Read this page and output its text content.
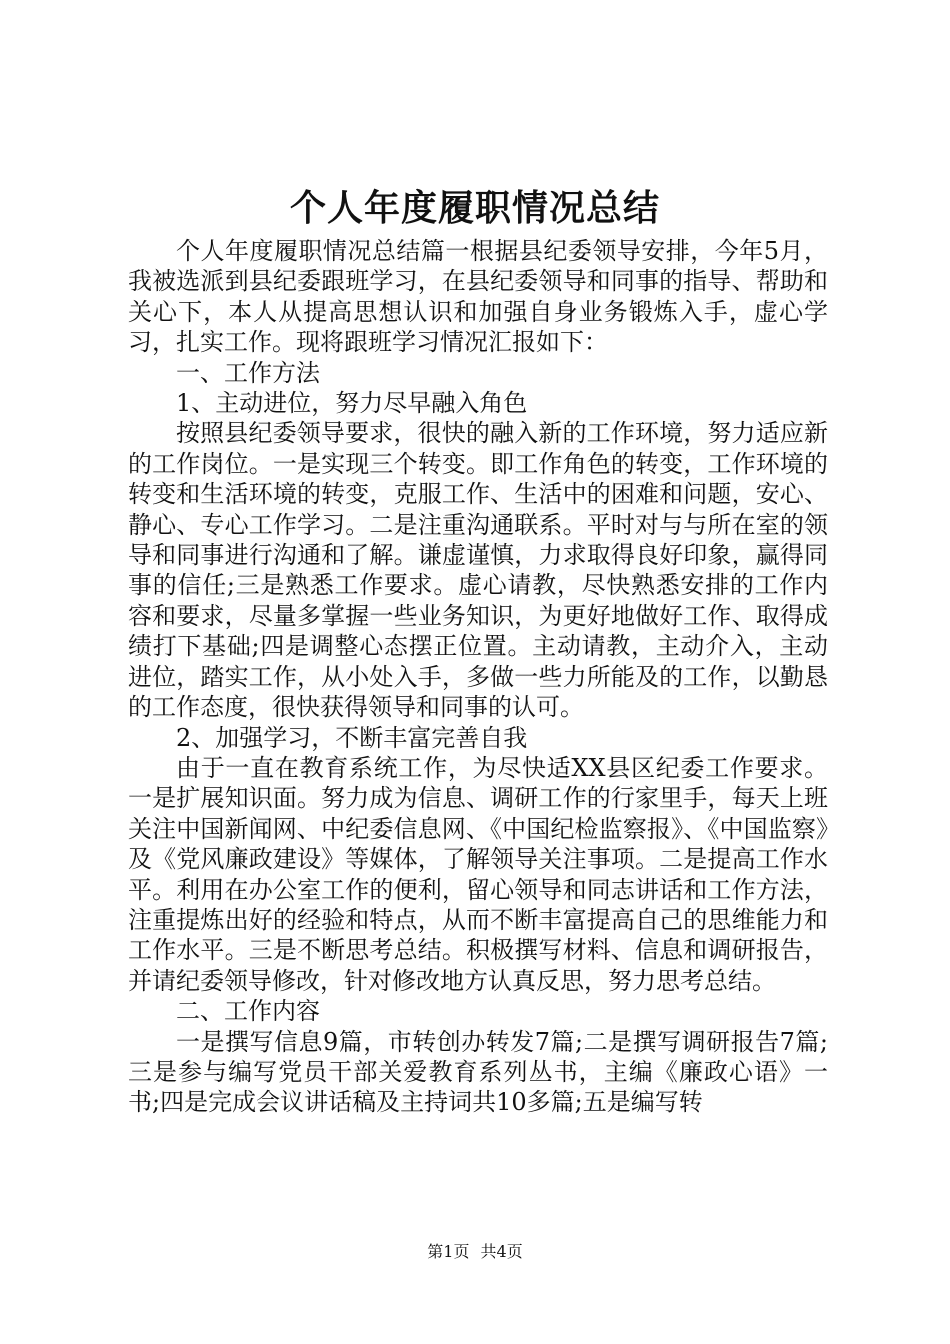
个人年度履职情况总结

个人年度履职情况总结篇一根据县纪委领导安排，今年5月，我被选派到县纪委跟班学习，在县纪委领导和同事的指导、帮助和关心下，本人从提高思想认识和加强自身业务锻炼入手，虚心学习，扎实工作。现将跟班学习情况汇报如下：

一、工作方法

1、主动进位，努力尽早融入角色

按照县纪委领导要求，很快的融入新的工作环境，努力适应新的工作岗位。一是实现三个转变。即工作角色的转变，工作环境的转变和生活环境的转变，克服工作、生活中的困难和问题，安心、静心、专心工作学习。二是注重沟通联系。平时对与与所在室的领导和同事进行沟通和了解。谦虚谨慎，力求取得良好印象，赢得同事的信任;三是熟悉工作要求。虚心请教，尽快熟悉安排的工作内容和要求，尽量多掌握一些业务知识，为更好地做好工作、取得成绩打下基础;四是调整心态摆正位置。主动请教，主动介入，主动进位，踏实工作，从小处入手，多做一些力所能及的工作，以勤恳的工作态度，很快获得领导和同事的认可。

2、加强学习，不断丰富完善自我

由于一直在教育系统工作，为尽快适XX县区纪委工作要求。一是扩展知识面。努力成为信息、调研工作的行家里手，每天上班关注中国新闻网、中纪委信息网、《中国纪检监察报》、《中国监察》及《党风廉政建设》等媒体，了解领导关注事项。二是提高工作水平。利用在办公室工作的便利，留心领导和同志讲话和工作方法，注重提炼出好的经验和特点，从而不断丰富提高自己的思维能力和工作水平。三是不断思考总结。积极撰写材料、信息和调研报告，并请纪委领导修改，针对修改地方认真反思，努力思考总结。

二、工作内容

一是撰写信息9篇，市转创办转发7篇;二是撰写调研报告7篇;三是参与编写党员干部关爱教育系列丛书，主编《廉政心语》一书;四是完成会议讲话稿及主持词共10多篇;五是编写转

第1页 共4页
